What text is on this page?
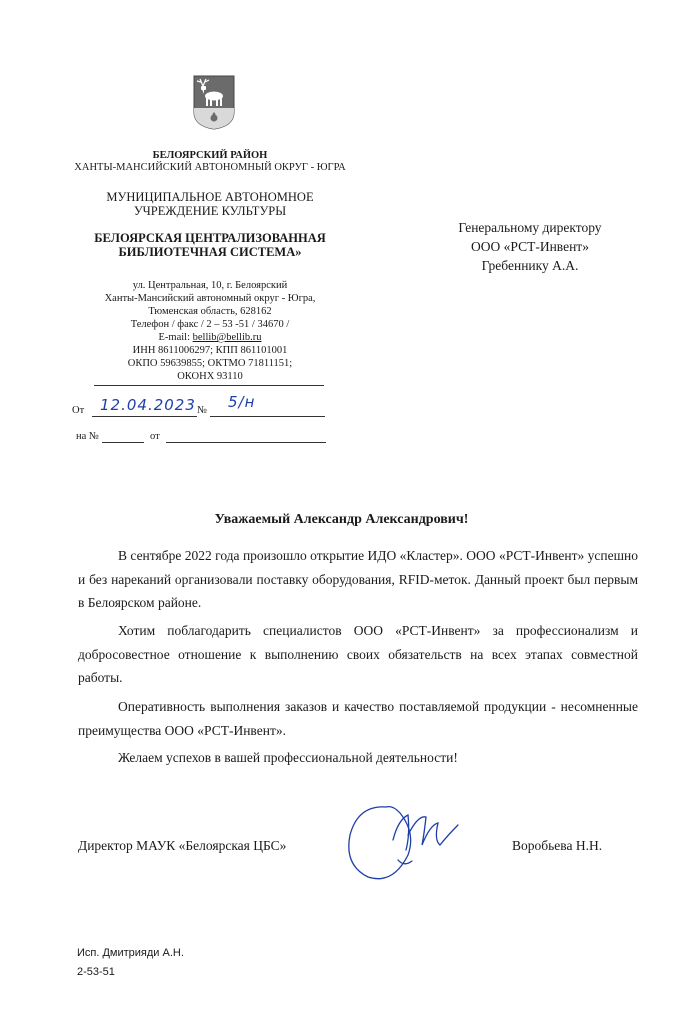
БЕЛОЯРСКИЙ РАЙОН
ХАНТЫ-МАНСИЙСКИЙ АВТОНОМНЫЙ ОКРУГ - ЮГРА
МУНИЦИПАЛЬНОЕ АВТОНОМНОЕ
УЧРЕЖДЕНИЕ КУЛЬТУРЫ
БЕЛОЯРСКАЯ ЦЕНТРАЛИЗОВАННАЯ
БИБЛИОТЕЧНАЯ СИСТЕМА»
ул. Центральная, 10, г. Белоярский
Ханты-Мансийский автономный округ - Югра,
Тюменская область, 628162
Телефон / факс / 2 – 53 -51 / 34670 /
E-mail: bellib@bellib.ru
ИНН 8611006297; КПП 861101001
ОКПО 59639855; ОКТМО 71811151;
ОКОНХ 93110
От 12.04.2023 № 5/н
на №	от
Генеральному директору
ООО «РСТ-Инвент»
Гребеннику А.А.
Уважаемый Александр Александрович!
В сентябре 2022 года произошло открытие ИДО «Кластер». ООО «РСТ-Инвент» успешно и без нареканий организовали поставку оборудования, RFID-меток. Данный проект был первым в Белоярском районе.
Хотим поблагодарить специалистов ООО «РСТ-Инвент» за профессионализм и добросовестное отношение к выполнению своих обязательств на всех этапах совместной работы.
Оперативность выполнения заказов и качество поставляемой продукции - несомненные преимущества ООО «РСТ-Инвент».
Желаем успехов в вашей профессиональной деятельности!
Директор МАУК «Белоярская ЦБС»	Воробьева Н.Н.
Исп. Дмитрияди А.Н.
2-53-51
